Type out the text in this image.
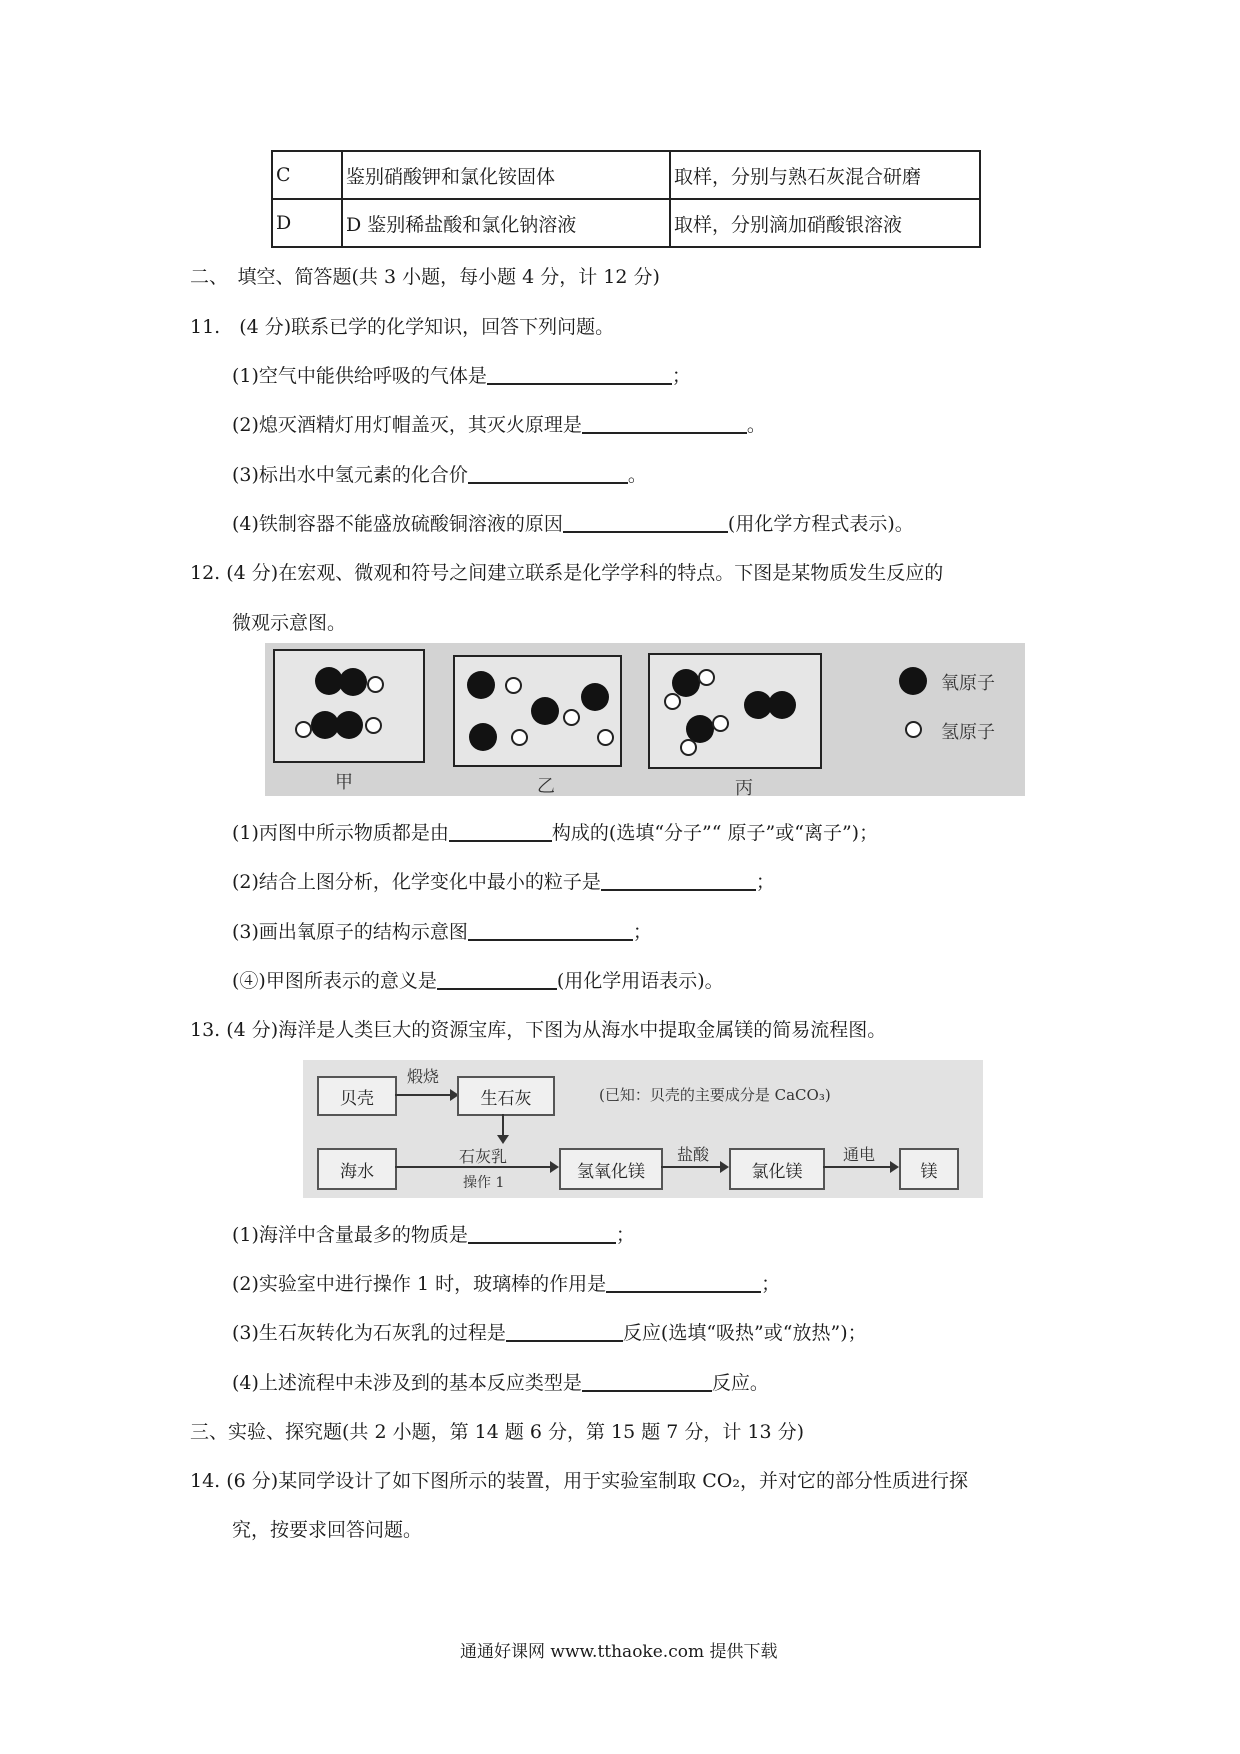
C	鉴别硝酸钾和氯化铵固体	取样，分别与熟石灰混合研磨
D	D 鉴别稀盐酸和氯化钠溶液	取样，分别滴加硝酸银溶液
二、　填空、简答题(共 3 小题，每小题 4 分，计 12 分)
11.　(4 分)联系已学的化学知识，回答下列问题。
(1)空气中能供给呼吸的气体是	；
(2)熄灭酒精灯用灯帽盖灭，其灭火原理是	。
(3)标出水中氢元素的化合价	。
(4)铁制容器不能盛放硫酸铜溶液的原因	(用化学方程式表示)。
12. (4 分)在宏观、微观和符号之间建立联系是化学学科的特点。下图是某物质发生反应的
微观示意图。
甲	乙	丙
氧原子
氢原子
(1)丙图中所示物质都是由	构成的(选填“分子”“ 原子”或“离子”)；
(2)结合上图分析，化学变化中最小的粒子是	；
(3)画出氧原子的结构示意图	；
(④)甲图所表示的意义是	(用化学用语表示)。
13. (4 分)海洋是人类巨大的资源宝库，下图为从海水中提取金属镁的简易流程图。
贝壳
煅烧
生石灰	(已知：贝壳的主要成分是 CaCO₃)
海水
石灰乳
操作 1
氢氧化镁
盐酸
氯化镁
通电
镁
(1)海洋中含量最多的物质是	；
(2)实验室中进行操作 1 时，玻璃棒的作用是	；
(3)生石灰转化为石灰乳的过程是	反应(选填“吸热”或“放热”)；
(4)上述流程中未涉及到的基本反应类型是	反应。
三、实验、探究题(共 2 小题，第 14 题 6 分，第 15 题 7 分，计 13 分)
14. (6 分)某同学设计了如下图所示的装置，用于实验室制取 CO₂，并对它的部分性质进行探
究，按要求回答问题。
通通好课网 www.tthaoke.com 提供下载
